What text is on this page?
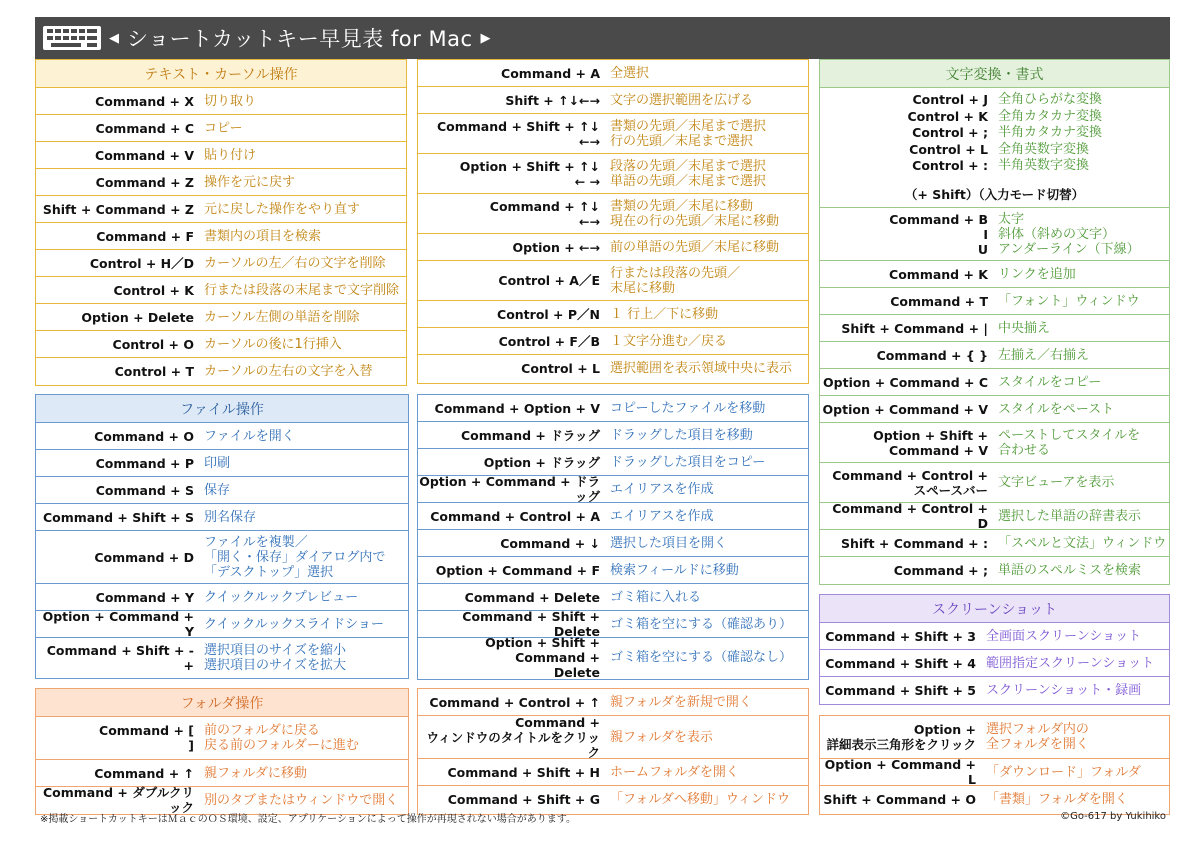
◀ ショートカットキー早見表 for Mac ▶
テキスト・カーソル操作
Command + X 切り取り
Command + C コピー
Command + V 貼り付け
Command + Z 操作を元に戻す
Shift + Command + Z 元に戻した操作をやり直す
Command + F 書類内の項目を検索
Control + H／D カーソルの左／右の文字を削除
Control + K 行または段落の末尾まで文字削除
Option + Delete カーソル左側の単語を削除
Control + O カーソルの後に1行挿入
Control + T カーソルの左右の文字を入替
Command + A 全選択
Shift + ↑↓←→ 文字の選択範囲を広げる
Command + Shift + ↑↓
←→
書類の先頭／末尾まで選択
行の先頭／末尾まで選択
Option + Shift + ↑↓
← →
段落の先頭／末尾まで選択
単語の先頭／末尾まで選択
Command + ↑↓
←→
書類の先頭／末尾に移動
現在の行の先頭／末尾に移動
Option + ←→ 前の単語の先頭／末尾に移動
Control + A／E 行または段落の先頭／
末尾に移動
Control + P／N １ 行上／下に移動
Control + F／B １文字分進む／戻る
Control + L 選択範囲を表示領域中央に表示
ファイル操作
Command + O ファイルを開く
Command + P 印刷
Command + S 保存
Command + Shift + S 別名保存
Command + D
ファイルを複製／
「開く・保存」ダイアログ内で
「デスクトップ」選択
Command + Y クイックルックプレビュー
Option + Command + Y クイックルックスライドショー
Command + Shift + -
+
選択項目のサイズを縮小
選択項目のサイズを拡大
Command + Option + V コピーしたファイルを移動
Command + ドラッグ ドラッグした項目を移動
Option + ドラッグ ドラッグした項目をコピー
Option + Command + ドラッグ エイリアスを作成
Command + Control + A エイリアスを作成
Command + ↓ 選択した項目を開く
Option + Command + F 検索フィールドに移動
Command + Delete ゴミ箱に入れる
Command + Shift + Delete ゴミ箱を空にする（確認あり）
Option + Shift + Command +
Delete
ゴミ箱を空にする（確認なし）
フォルダ操作
Command + [
]
前のフォルダに戻る
戻る前のフォルダーに進む
Command + ↑ 親フォルダに移動
Command + ダブルクリック 別のタブまたはウィンドウで開く
Command + Control + ↑ 親フォルダを新規で開く
Command +
ウィンドウのタイトルをクリック
親フォルダを表示
Command + Shift + H ホームフォルダを開く
Command + Shift + G 「フォルダへ移動」ウィンドウ
文字変換・書式
Control + J
Control + K
Control + ;
Control + L
Control + :
全角ひらがな変換
全角カタカナ変換
半角カタカナ変換
全角英数字変換
半角英数字変換
（+ Shift）（入力モード切替）
Command + B
I
U
太字
斜体（斜めの文字）
アンダーライン（下線）
Command + K リンクを追加
Command + T 「フォント」ウィンドウ
Shift + Command + | 中央揃え
Command + { } 左揃え／右揃え
Option + Command + C スタイルをコピー
Option + Command + V スタイルをペースト
Option + Shift +
Command + V
ペーストしてスタイルを
合わせる
Command + Control +
スペースバー 文字ビューアを表示
Command + Control + D 選択した単語の辞書表示
Shift + Command + : 「スペルと文法」ウィンドウ
Command + ; 単語のスペルミスを検索
スクリーンショット
Command + Shift + 3 全画面スクリーンショット
Command + Shift + 4 範囲指定スクリーンショット
Command + Shift + 5 スクリーンショット・録画
Option +
詳細表示三角形をクリック
選択フォルダ内の
全フォルダを開く
Option + Command + L 「ダウンロード」フォルダ
Shift + Command + O 「書類」フォルダを開く
※掲載ショートカットキーはＭａｃのＯＳ環境、設定、アプリケーションによって操作が再現されない場合があります。	©Go-617 by Yukihiko
